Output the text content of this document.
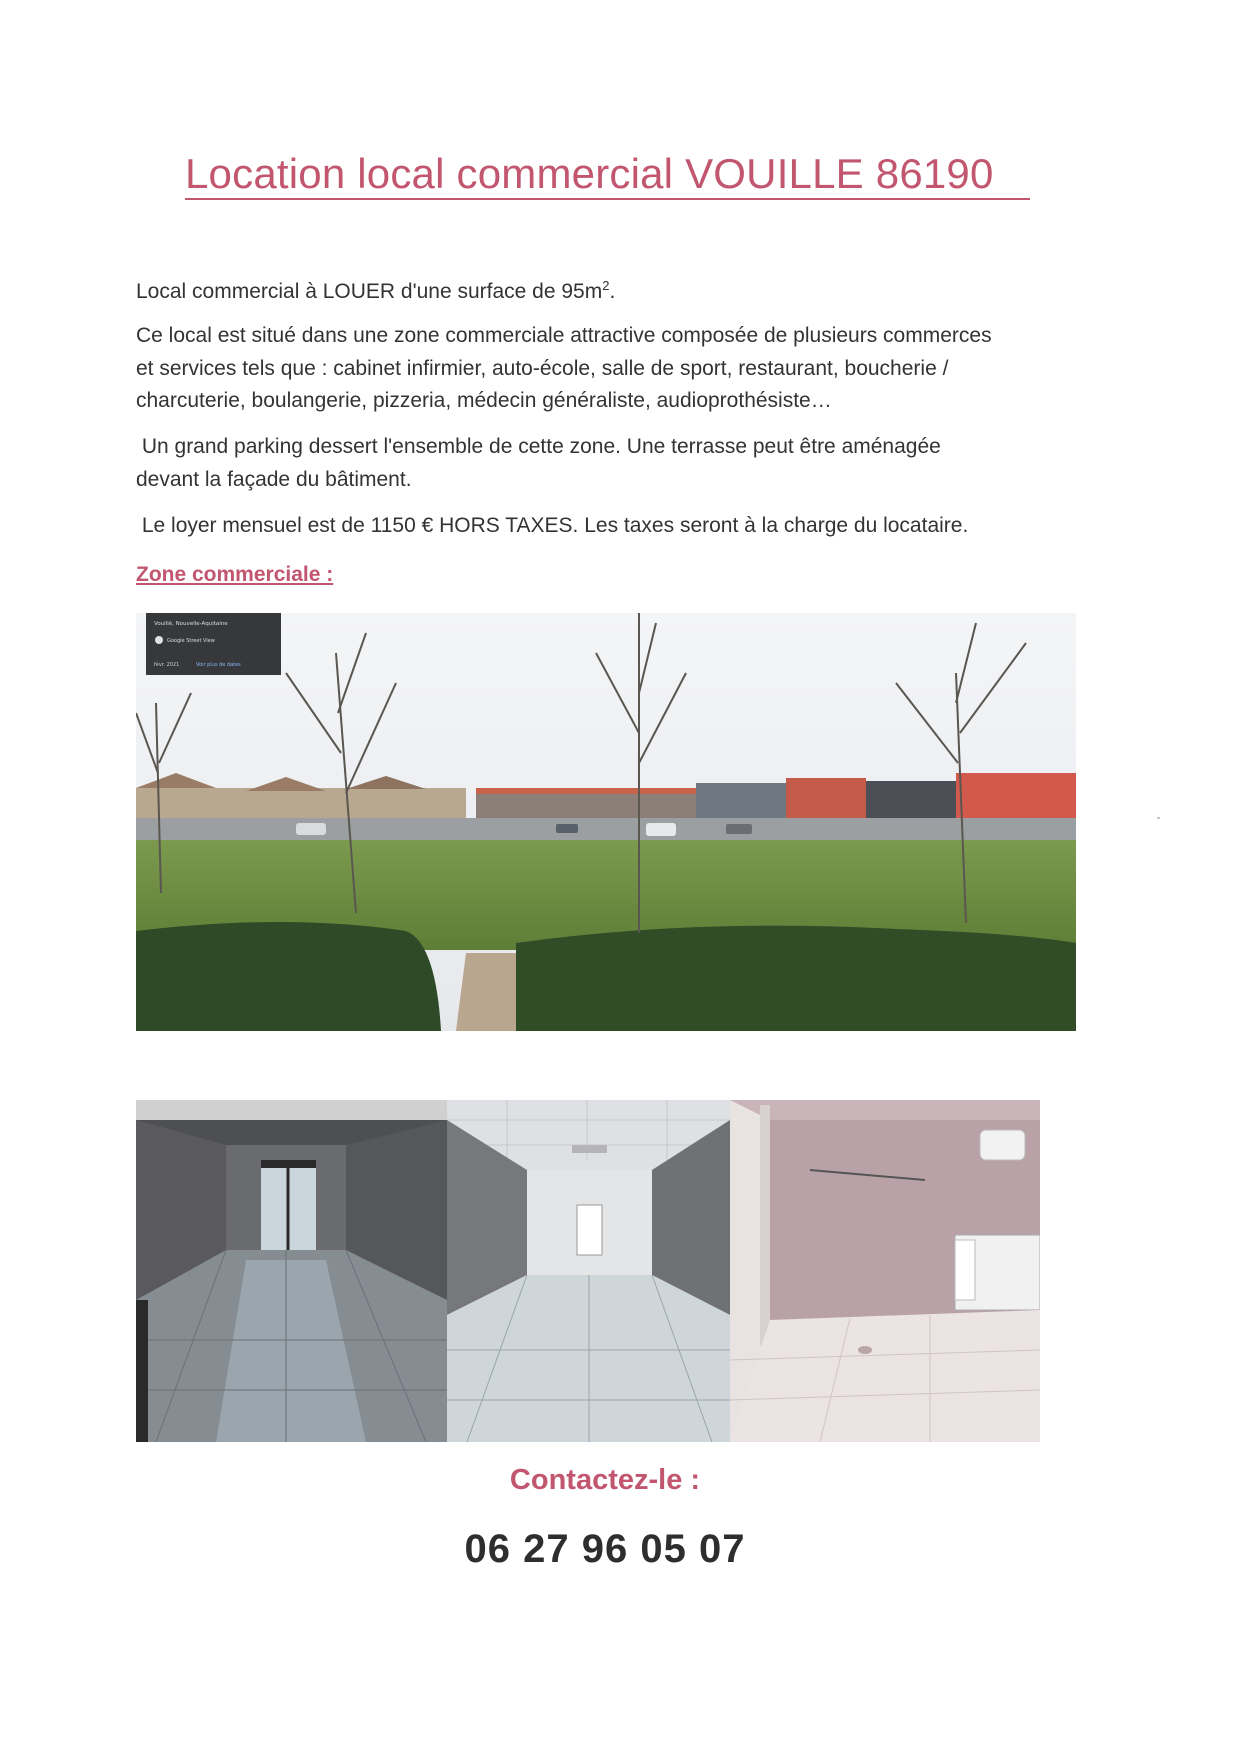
Location local commercial VOUILLE 86190
Local commercial à LOUER d'une surface de $95m^2$.
Ce local est situé dans une zone commerciale attractive composée de plusieurs commerces
et services tels que : cabinet infirmier, auto-école, salle de sport, restaurant, boucherie /
charcuterie, boulangerie, pizzeria, médecin généraliste, audioprothésiste…
Un grand parking dessert l'ensemble de cette zone. Une terrasse peut être aménagée
devant la façade du bâtiment.
Le loyer mensuel est de 1150 € HORS TAXES. Les taxes seront à la charge du locataire.
Zone commerciale :
Vouillé, Nouvelle-Aquitaine
Google Street View
févr. 2021	Voir plus de dates
Contactez-le :
06 27 96 05 07
